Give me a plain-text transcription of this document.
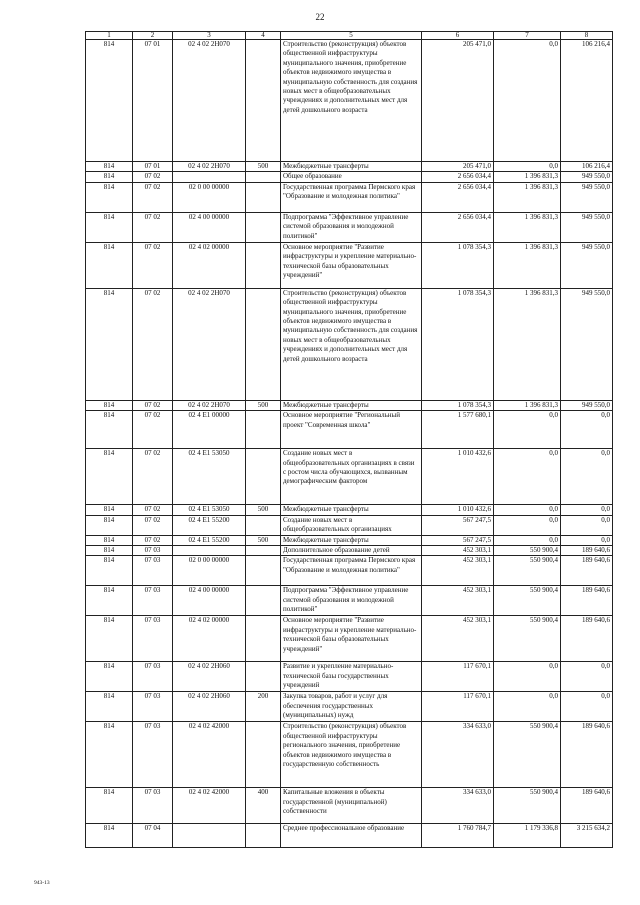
22
1	2	3	4	5	6	7	8
814	07 01	02 4 02 2Н070		Строительство (реконструкция) объектов общественной инфраструктуры муниципального значения, приобретение объектов недвижимого имущества в муниципальную собственность для создания новых мест в общеобразовательных учреждениях и дополнительных мест для детей дошкольного возраста	205 471,0	0,0	106 216,4
814	07 01	02 4 02 2Н070	500	Межбюджетные трансферты	205 471,0	0,0	106 216,4
814	07 02			Общее образование	2 656 034,4	1 396 831,3	949 550,0
814	07 02	02 0 00 00000		Государственная программа Пермского края "Образование и молодежная политика"	2 656 034,4	1 396 831,3	949 550,0
814	07 02	02 4 00 00000		Подпрограмма "Эффективное управление системой образования и молодежной политикой"	2 656 034,4	1 396 831,3	949 550,0
814	07 02	02 4 02 00000		Основное мероприятие "Развитие инфраструктуры и укрепление материально-технической базы образовательных учреждений"	1 078 354,3	1 396 831,3	949 550,0
814	07 02	02 4 02 2Н070		Строительство (реконструкция) объектов общественной инфраструктуры муниципального значения, приобретение объектов недвижимого имущества в муниципальную собственность для создания новых мест в общеобразовательных учреждениях и дополнительных мест для детей дошкольного возраста	1 078 354,3	1 396 831,3	949 550,0
814	07 02	02 4 02 2Н070	500	Межбюджетные трансферты	1 078 354,3	1 396 831,3	949 550,0
814	07 02	02 4 E1 00000		Основное мероприятие "Региональный проект "Современная школа"	1 577 680,1	0,0	0,0
814	07 02	02 4 E1 53050		Создание новых мест в общеобразовательных организациях в связи с ростом числа обучающихся, вызванным демографическим фактором	1 010 432,6	0,0	0,0
814	07 02	02 4 E1 53050	500	Межбюджетные трансферты	1 010 432,6	0,0	0,0
814	07 02	02 4 E1 55200		Создание новых мест в общеобразовательных организациях	567 247,5	0,0	0,0
814	07 02	02 4 E1 55200	500	Межбюджетные трансферты	567 247,5	0,0	0,0
814	07 03			Дополнительное образование детей	452 303,1	550 900,4	189 640,6
814	07 03	02 0 00 00000		Государственная программа Пермского края "Образование и молодежная политика"	452 303,1	550 900,4	189 640,6
814	07 03	02 4 00 00000		Подпрограмма "Эффективное управление системой образования и молодежной политикой"	452 303,1	550 900,4	189 640,6
814	07 03	02 4 02 00000		Основное мероприятие "Развитие инфраструктуры и укрепление материально-технической базы образовательных учреждений"	452 303,1	550 900,4	189 640,6
814	07 03	02 4 02 2Н060		Развитие и укрепление материально-технической базы государственных учреждений	117 670,1	0,0	0,0
814	07 03	02 4 02 2Н060	200	Закупка товаров, работ и услуг для обеспечения государственных (муниципальных) нужд	117 670,1	0,0	0,0
814	07 03	02 4 02 42000		Строительство (реконструкция) объектов общественной инфраструктуры регионального значения, приобретение объектов недвижимого имущества в государственную собственность	334 633,0	550 900,4	189 640,6
814	07 03	02 4 02 42000	400	Капитальные вложения в объекты государственной (муниципальной) собственности	334 633,0	550 900,4	189 640,6
814	07 04			Среднее профессиональное образование	1 760 784,7	1 179 336,8	3 215 634,2
943-13
